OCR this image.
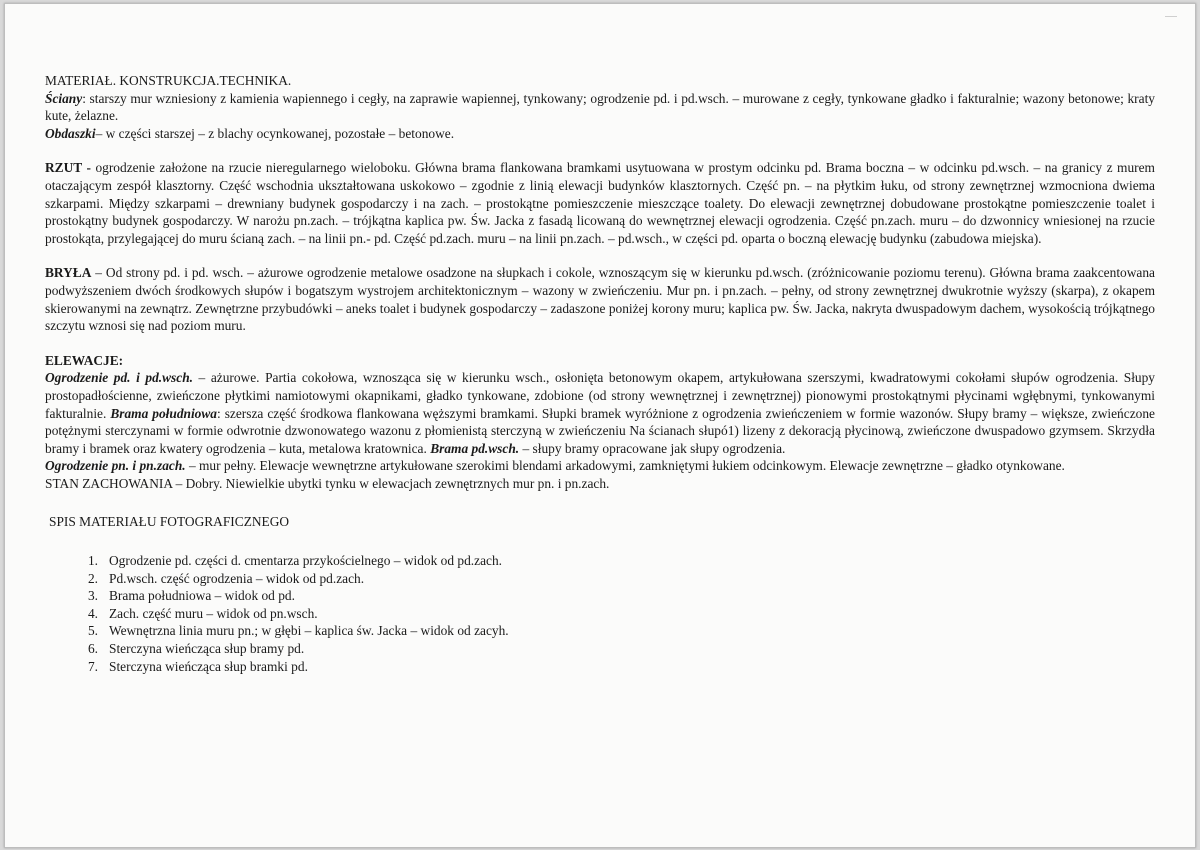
MATERIAŁ. KONSTRUKCJA.TECHNIKA.

Ściany: starszy mur wzniesiony z kamienia wapiennego i cegły, na zaprawie wapiennej, tynkowany; ogrodzenie pd. i pd.wsch. – murowane z cegły, tynkowane gładko i fakturalnie; wazony betonowe; kraty kute, żelazne.

Obdaszki– w części starszej – z blachy ocynkowanej, pozostałe – betonowe.

RZUT - ogrodzenie założone na rzucie nieregularnego wieloboku. Główna brama flankowana bramkami usytuowana w prostym odcinku pd. Brama boczna – w odcinku pd.wsch. – na granicy z murem otaczającym zespół klasztorny. Część wschodnia ukształtowana uskokowo – zgodnie z linią elewacji budynków klasztornych. Część pn. – na płytkim łuku, od strony zewnętrznej wzmocniona dwiema szkarpami. Między szkarpami – drewniany budynek gospodarczy i na zach. – prostokątne pomieszczenie mieszczące toalety. Do elewacji zewnętrznej dobudowane prostokątne pomieszczenie toalet i prostokątny budynek gospodarczy. W narożu pn.zach. – trójkątna kaplica pw. Św. Jacka z fasadą licowaną do wewnętrznej elewacji ogrodzenia. Część pn.zach. muru – do dzwonnicy wniesionej na rzucie prostokąta, przylegającej do muru ścianą zach. – na linii pn.- pd. Część pd.zach. muru – na linii pn.zach. – pd.wsch., w części pd. oparta o boczną elewację budynku (zabudowa miejska).

BRYŁA – Od strony pd. i pd. wsch. – ażurowe ogrodzenie metalowe osadzone na słupkach i cokole, wznoszącym się w kierunku pd.wsch. (zróżnicowanie poziomu terenu). Główna brama zaakcentowana podwyższeniem dwóch środkowych słupów i bogatszym wystrojem architektonicznym – wazony w zwieńczeniu. Mur pn. i pn.zach. – pełny, od strony zewnętrznej dwukrotnie wyższy (skarpa), z okapem skierowanymi na zewnątrz. Zewnętrzne przybudówki – aneks toalet i budynek gospodarczy – zadaszone poniżej korony muru; kaplica pw. Św. Jacka, nakryta dwuspadowym dachem, wysokością trójkątnego szczytu wznosi się nad poziom muru.

ELEWACJE:

Ogrodzenie pd. i pd.wsch. – ażurowe. Partia cokołowa, wznosząca się w kierunku wsch., osłonięta betonowym okapem, artykułowana szerszymi, kwadratowymi cokołami słupów ogrodzenia. Słupy prostopadłościenne, zwieńczone płytkimi namiotowymi okapnikami, gładko tynkowane, zdobione (od strony wewnętrznej i zewnętrznej) pionowymi prostokątnymi płycinami wgłębnymi, tynkowanymi fakturalnie. Brama południowa: szersza część środkowa flankowana węższymi bramkami. Słupki bramek wyróżnione z ogrodzenia zwieńczeniem w formie wazonów. Słupy bramy – większe, zwieńczone potężnymi sterczynami w formie odwrotnie dzwonowatego wazonu z płomienistą sterczyną w zwieńczeniu Na ścianach słupó1) lizeny z dekoracją płycinową, zwieńczone dwuspadowo gzymsem. Skrzydła bramy i bramek oraz kwatery ogrodzenia – kuta, metalowa kratownica. Brama pd.wsch. – słupy bramy opracowane jak słupy ogrodzenia.

Ogrodzenie pn. i pn.zach. – mur pełny. Elewacje wewnętrzne artykułowane szerokimi blendami arkadowymi, zamkniętymi łukiem odcinkowym. Elewacje zewnętrzne – gładko otynkowane.

STAN ZACHOWANIA – Dobry. Niewielkie ubytki tynku w elewacjach zewnętrznych mur pn. i pn.zach.

SPIS MATERIAŁU FOTOGRAFICZNEGO

1. Ogrodzenie pd. części d. cmentarza przykościelnego – widok od pd.zach.
2. Pd.wsch. część ogrodzenia – widok od pd.zach.
3. Brama południowa – widok od pd.
4. Zach. część muru – widok od pn.wsch.
5. Wewnętrzna linia muru pn.; w głębi – kaplica św. Jacka – widok od zacyh.
6. Sterczyna wieńcząca słup bramy pd.
7. Sterczyna wieńcząca słup bramki pd.
